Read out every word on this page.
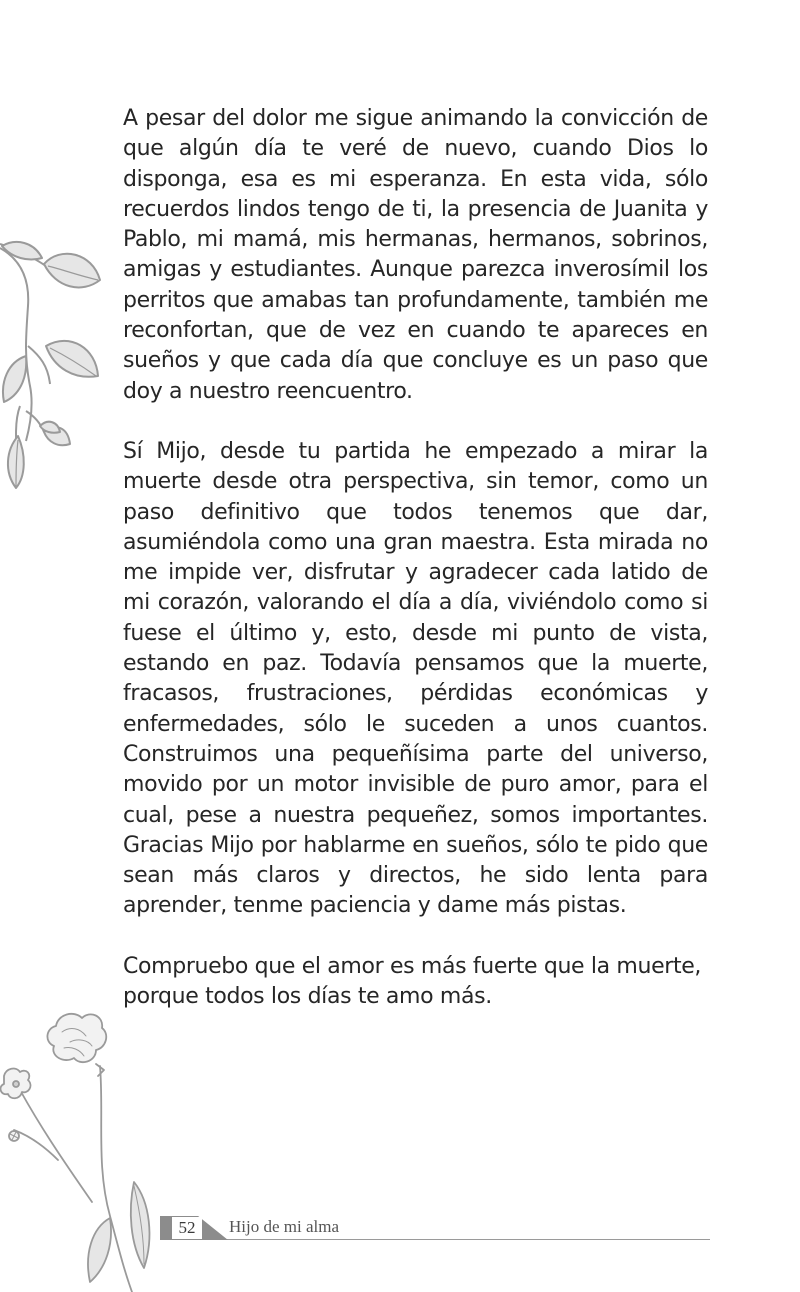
A pesar del dolor me sigue animando la convicción de que algún día te veré de nuevo, cuando Dios lo disponga, esa es mi esperanza. En esta vida, sólo recuerdos lindos tengo de ti, la presencia de Juanita y Pablo, mi mamá, mis hermanas, hermanos, sobrinos, amigas y estudiantes. Aunque parezca inverosímil los perritos que amabas tan profundamente, también me reconfortan, que de vez en cuando te apareces en sueños y que cada día que concluye es un paso que doy a nuestro reencuentro.

Sí Mijo, desde tu partida he empezado a mirar la muerte desde otra perspectiva, sin temor, como un paso definitivo que todos tenemos que dar, asumiéndola como una gran maestra. Esta mirada no me impide ver, disfrutar y agradecer cada latido de mi corazón, valorando el día a día, viviéndolo como si fuese el último y, esto, desde mi punto de vista, estando en paz. Todavía pensamos que la muerte, fracasos, frustraciones, pérdidas económicas y enfermedades, sólo le suceden a unos cuantos. Construimos una pequeñísima parte del universo, movido por un motor invisible de puro amor, para el cual, pese a nuestra pequeñez, somos importantes. Gracias Mijo por hablarme en sueños, sólo te pido que sean más claros y directos, he sido lenta para aprender, tenme paciencia y dame más pistas.

Compruebo que el amor es más fuerte que la muerte, porque todos los días te amo más.

52	Hijo de mi alma
